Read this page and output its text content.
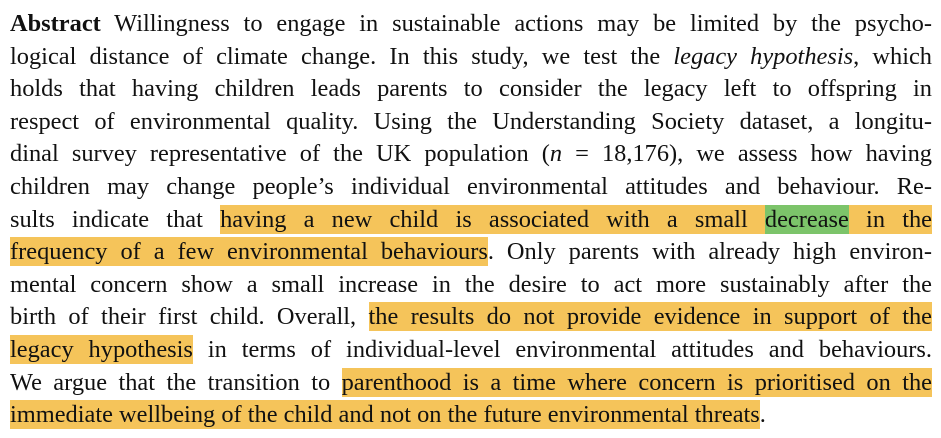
Abstract Willingness to engage in sustainable actions may be limited by the psycho-
logical distance of climate change. In this study, we test the legacy hypothesis, which
holds that having children leads parents to consider the legacy left to offspring in
respect of environmental quality. Using the Understanding Society dataset, a longitu-
dinal survey representative of the UK population (n = 18,176), we assess how having
children may change people’s individual environmental attitudes and behaviour. Re-
sults indicate that having a new child is associated with a small decrease in the
frequency of a few environmental behaviours. Only parents with already high environ-
mental concern show a small increase in the desire to act more sustainably after the
birth of their first child. Overall, the results do not provide evidence in support of the
legacy hypothesis in terms of individual-level environmental attitudes and behaviours.
We argue that the transition to parenthood is a time where concern is prioritised on the
immediate wellbeing of the child and not on the future environmental threats.
